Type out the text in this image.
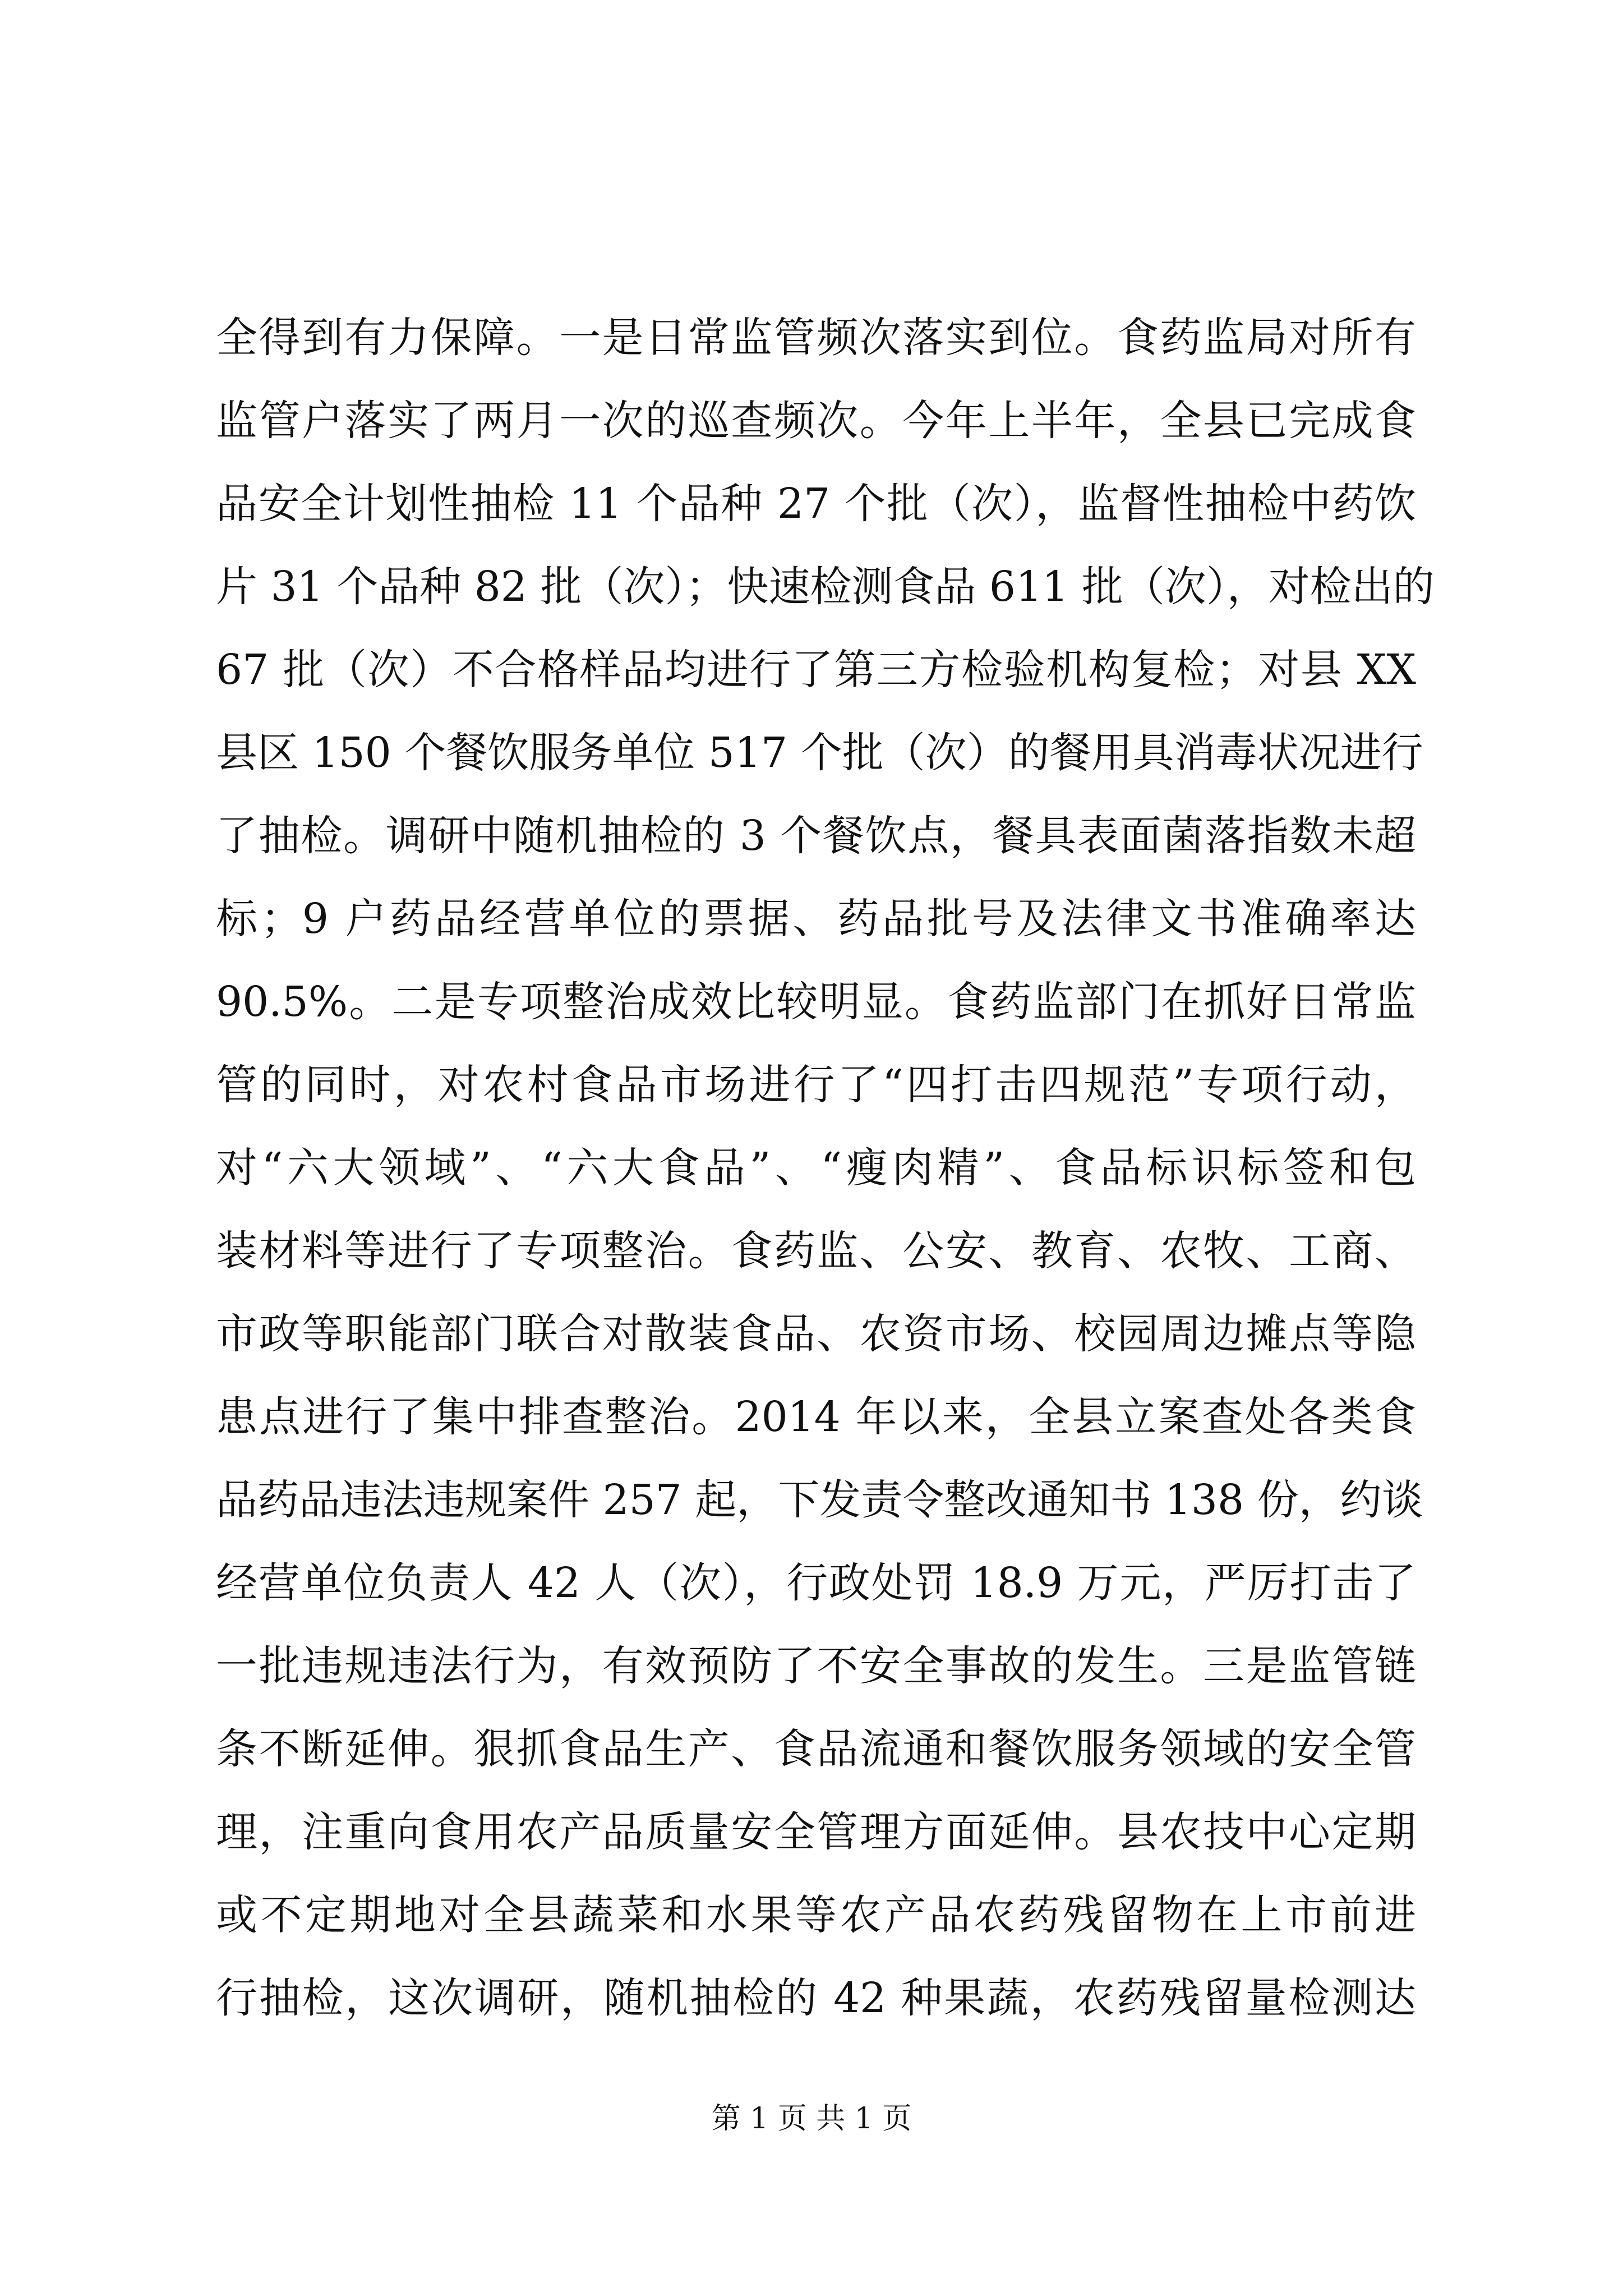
全得到有力保障。一是日常监管频次落实到位。食药监局对所有
监管户落实了两月一次的巡查频次。今年上半年，全县已完成食
品安全计划性抽检 11 个品种 27 个批（次），监督性抽检中药饮
片 31 个品种 82 批（次）；快速检测食品 611 批（次），对检出的
67 批（次）不合格样品均进行了第三方检验机构复检；对县 XX
县区 150 个餐饮服务单位 517 个批（次）的餐用具消毒状况进行
了抽检。调研中随机抽检的 3 个餐饮点，餐具表面菌落指数未超
标；9 户药品经营单位的票据、药品批号及法律文书准确率达
90.5%。二是专项整治成效比较明显。食药监部门在抓好日常监
管的同时，对农村食品市场进行了“四打击四规范”专项行动，
对“六大领域”、“六大食品”、“瘦肉精”、食品标识标签和包
装材料等进行了专项整治。食药监、公安、教育、农牧、工商、
市政等职能部门联合对散装食品、农资市场、校园周边摊点等隐
患点进行了集中排查整治。2014 年以来，全县立案查处各类食
品药品违法违规案件 257 起，下发责令整改通知书 138 份，约谈
经营单位负责人 42 人（次），行政处罚 18.9 万元，严厉打击了
一批违规违法行为，有效预防了不安全事故的发生。三是监管链
条不断延伸。狠抓食品生产、食品流通和餐饮服务领域的安全管
理，注重向食用农产品质量安全管理方面延伸。县农技中心定期
或不定期地对全县蔬菜和水果等农产品农药残留物在上市前进
行抽检，这次调研，随机抽检的 42 种果蔬，农药残留量检测达
第 1 页 共 1 页
